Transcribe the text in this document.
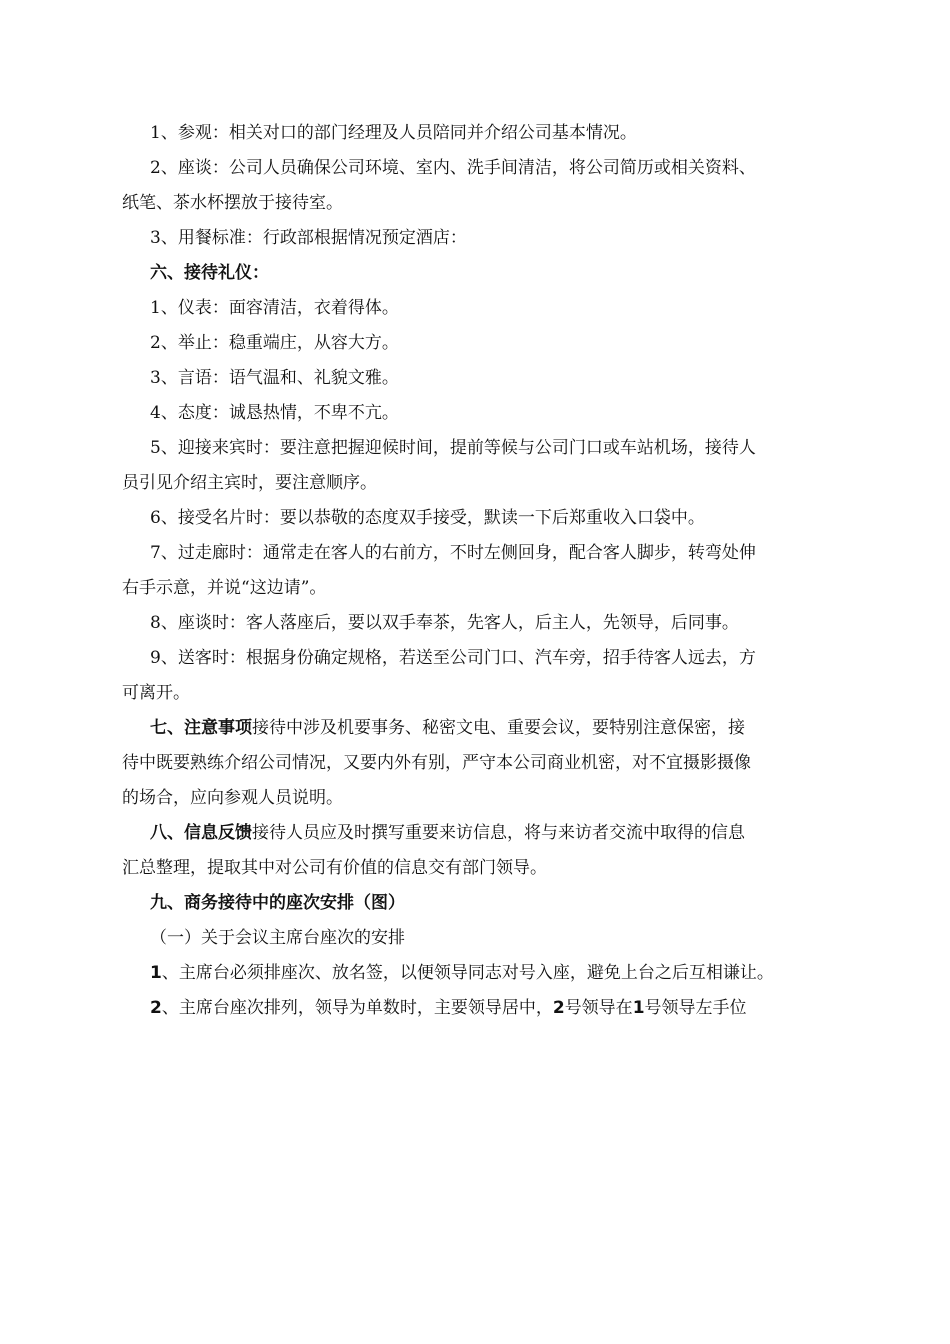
1、参观：相关对口的部门经理及人员陪同并介绍公司基本情况。
2、座谈：公司人员确保公司环境、室内、洗手间清洁，将公司简历或相关资料、
纸笔、茶水杯摆放于接待室。
3、用餐标准：行政部根据情况预定酒店：
六、接待礼仪：
1、仪表：面容清洁，衣着得体。
2、举止：稳重端庄，从容大方。
3、言语：语气温和、礼貌文雅。
4、态度：诚恳热情，不卑不亢。
5、迎接来宾时：要注意把握迎候时间，提前等候与公司门口或车站机场，接待人
员引见介绍主宾时，要注意顺序。
6、接受名片时：要以恭敬的态度双手接受，默读一下后郑重收入口袋中。
7、过走廊时：通常走在客人的右前方，不时左侧回身，配合客人脚步，转弯处伸
右手示意，并说“这边请”。
8、座谈时：客人落座后，要以双手奉茶，先客人，后主人，先领导，后同事。
9、送客时：根据身份确定规格，若送至公司门口、汽车旁，招手待客人远去，方
可离开。
七、注意事项接待中涉及机要事务、秘密文电、重要会议，要特别注意保密，接
待中既要熟练介绍公司情况，又要内外有别，严守本公司商业机密，对不宜摄影摄像
的场合，应向参观人员说明。
八、信息反馈接待人员应及时撰写重要来访信息，将与来访者交流中取得的信息
汇总整理，提取其中对公司有价值的信息交有部门领导。
九、商务接待中的座次安排（图）
（一）关于会议主席台座次的安排
1、主席台必须排座次、放名签，以便领导同志对号入座，避免上台之后互相谦让。
2、主席台座次排列，领导为单数时，主要领导居中，2号领导在1号领导左手位
